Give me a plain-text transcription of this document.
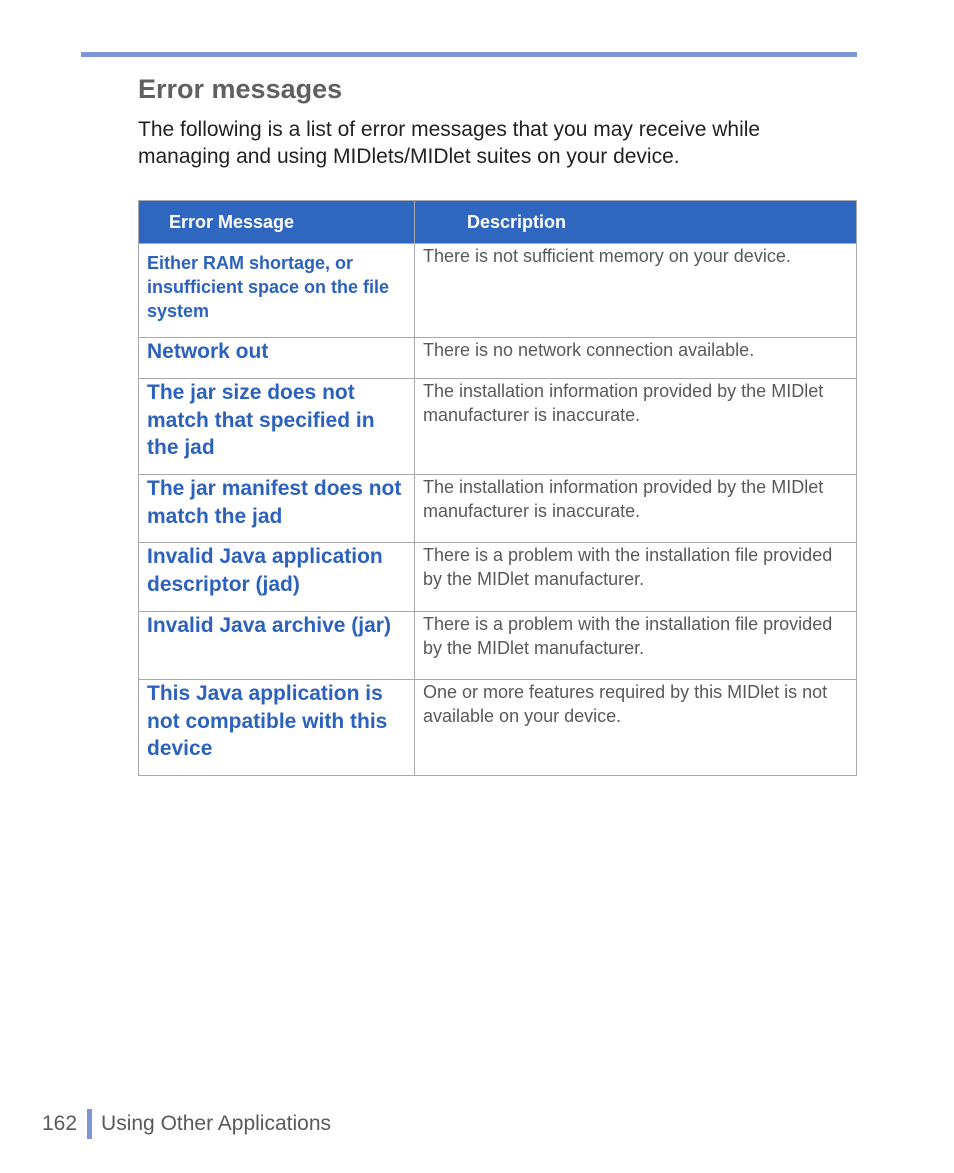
Error messages

The following is a list of error messages that you may receive while managing and using MIDlets/MIDlet suites on your device.

Error Message	Description
Either RAM shortage, or insufficient space on the file system	There is not sufficient memory on your device.
Network out	There is no network connection available.
The jar size does not match that specified in the jad	The installation information provided by the MIDlet manufacturer is inaccurate.
The jar manifest does not match the jad	The installation information provided by the MIDlet manufacturer is inaccurate.
Invalid Java application descriptor (jad)	There is a problem with the installation file provided by the MIDlet manufacturer.
Invalid Java archive (jar)	There is a problem with the installation file provided by the MIDlet manufacturer.
This Java application is not compatible with this device	One or more features required by this MIDlet is not available on your device.
162 Using Other Applications
